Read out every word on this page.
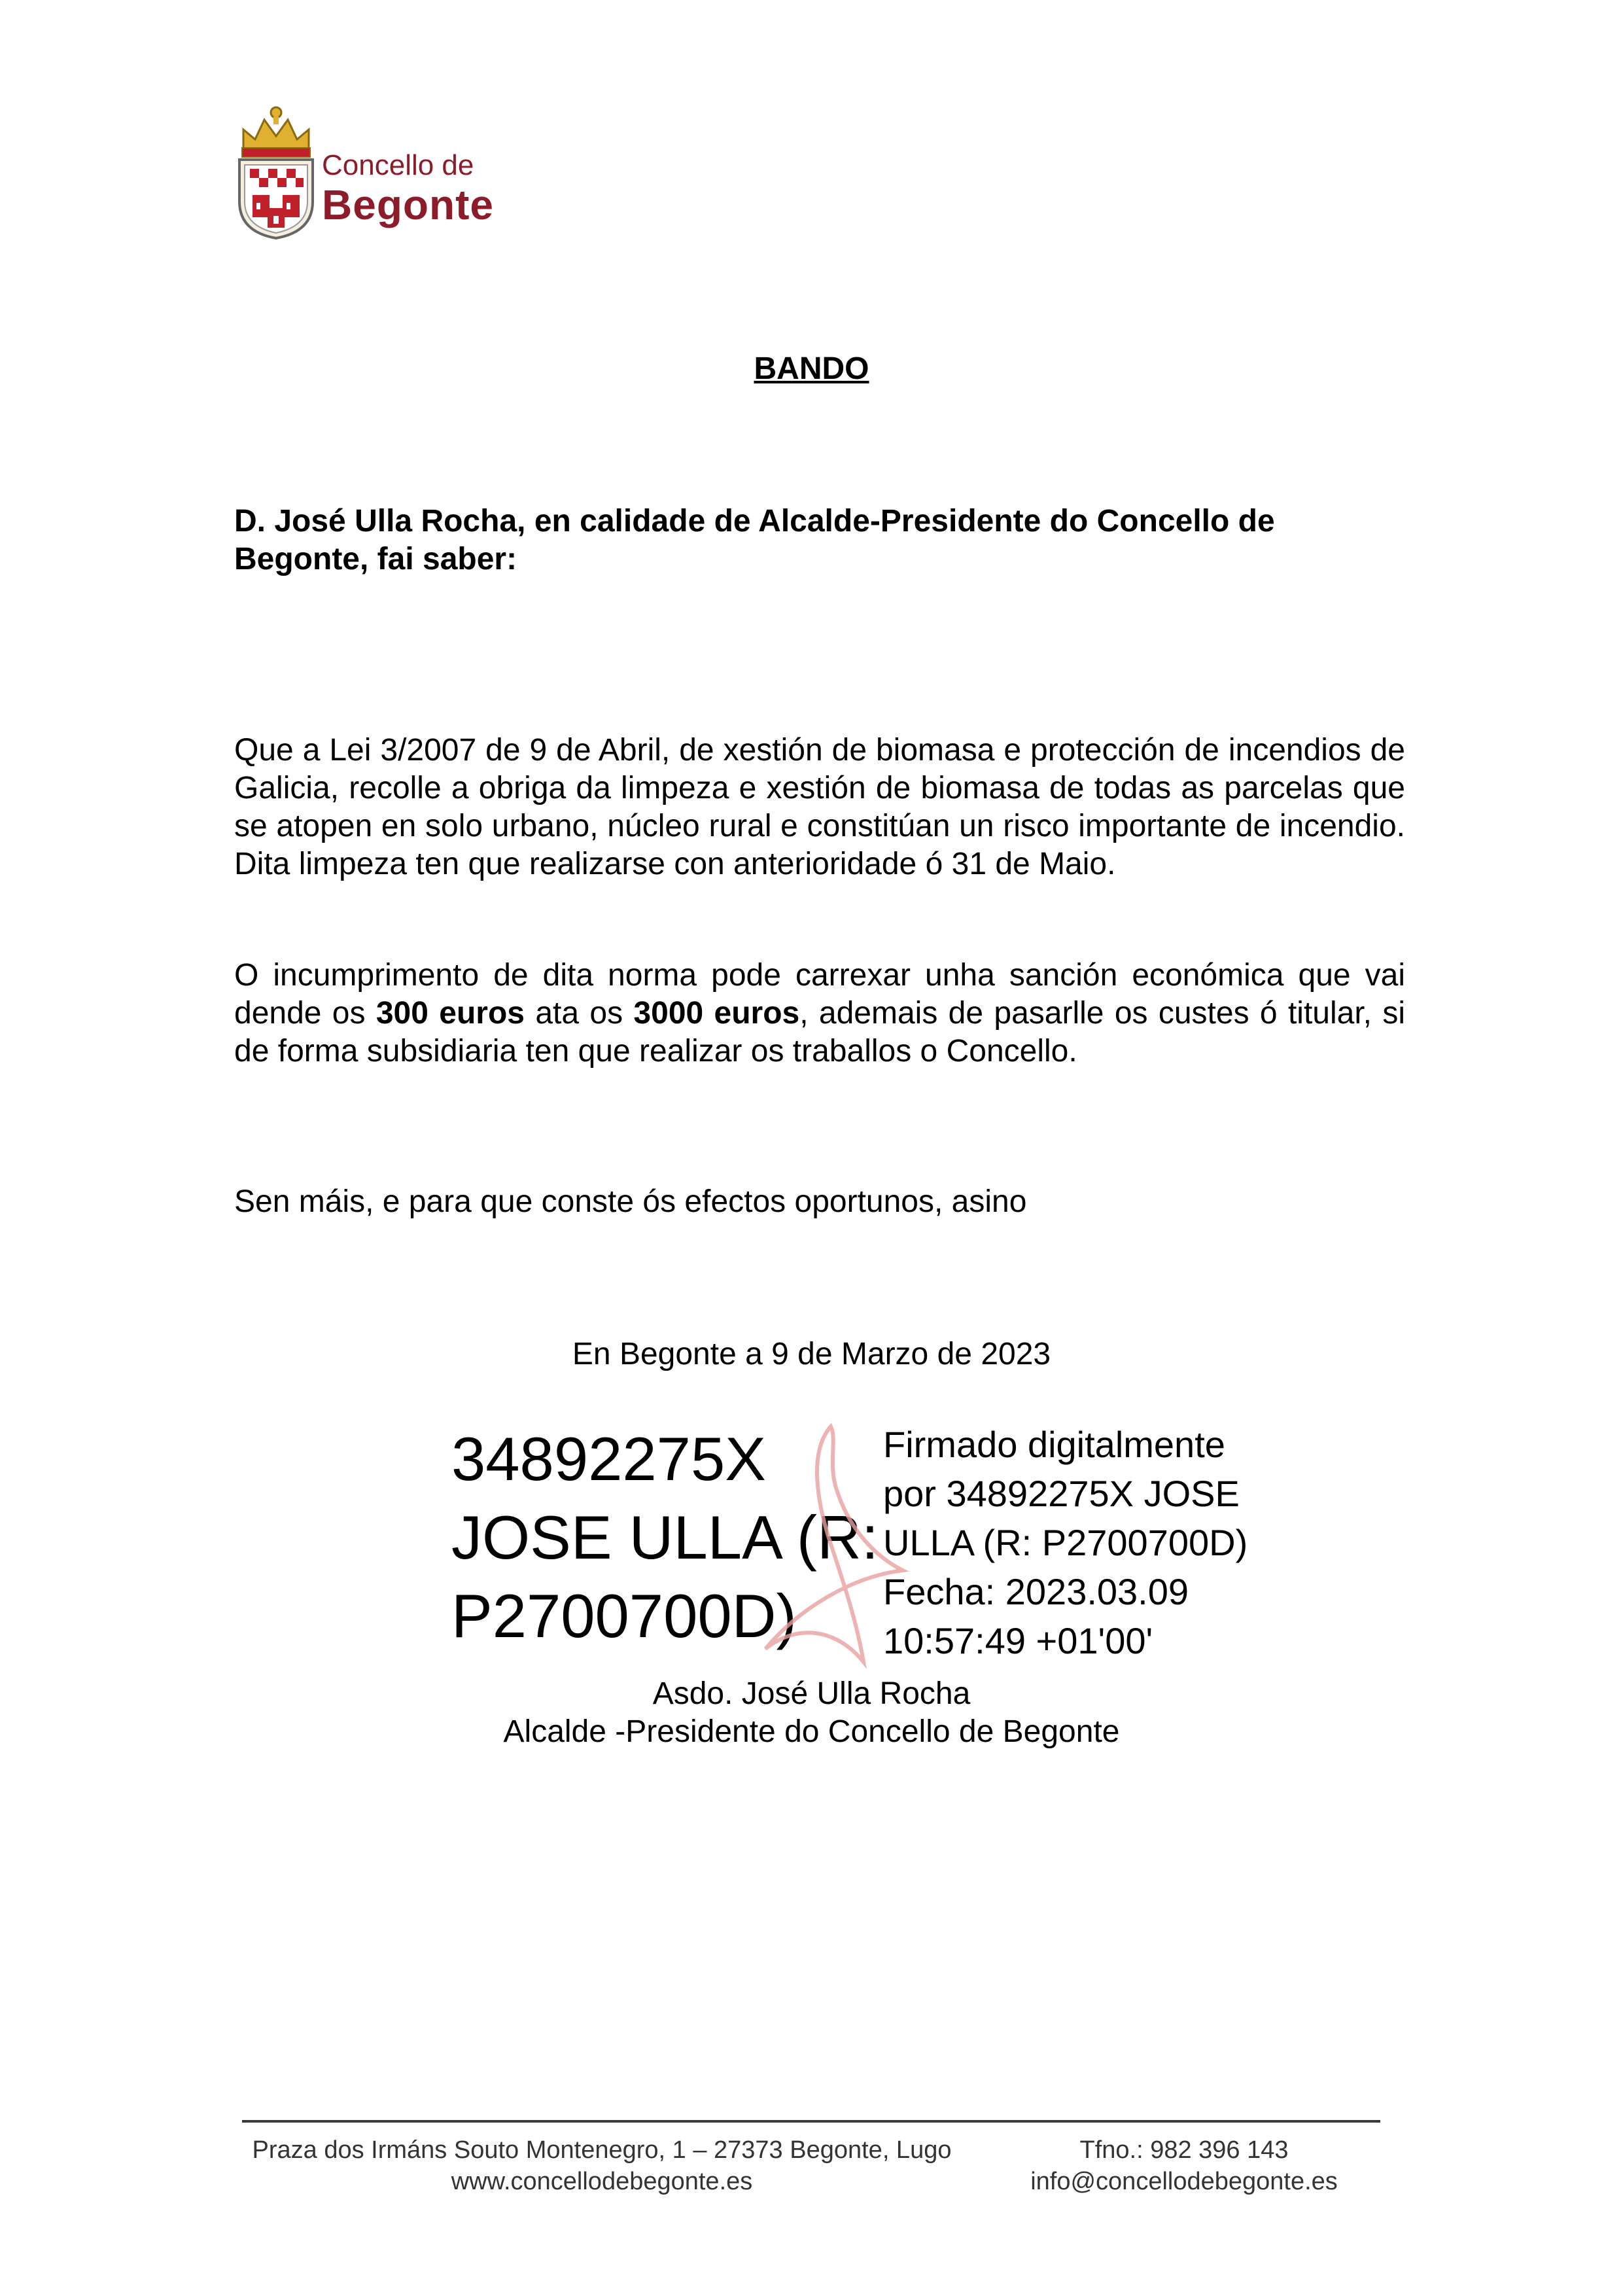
Concello de
Begonte
BANDO

D. José Ulla Rocha, en calidade de Alcalde-Presidente do Concello de Begonte, fai saber:

Que a Lei 3/2007 de 9 de Abril, de xestión de biomasa e protección de incendios de Galicia, recolle a obriga da limpeza e xestión de biomasa de todas as parcelas que se atopen en solo urbano, núcleo rural e constitúan un risco importante de incendio. Dita limpeza ten que realizarse con anterioridade ó 31 de Maio.

O incumprimento de dita norma pode carrexar unha sanción económica que vai dende os 300 euros ata os 3000 euros, ademais de pasarlle os custes ó titular, si de forma subsidiaria ten que realizar os traballos o Concello.

Sen máis, e para que conste ós efectos oportunos, asino

En Begonte a 9 de Marzo de 2023
34892275X
JOSE ULLA (R:
P2700700D)
Firmado digitalmente
por 34892275X JOSE
ULLA (R: P2700700D)
Fecha: 2023.03.09
10:57:49 +01'00'
Asdo. José Ulla Rocha
Alcalde -Presidente do Concello de Begonte
Praza dos Irmáns Souto Montenegro, 1 – 27373 Begonte, Lugo
www.concellodebegonte.es
Tfno.: 982 396 143
info@concellodebegonte.es
